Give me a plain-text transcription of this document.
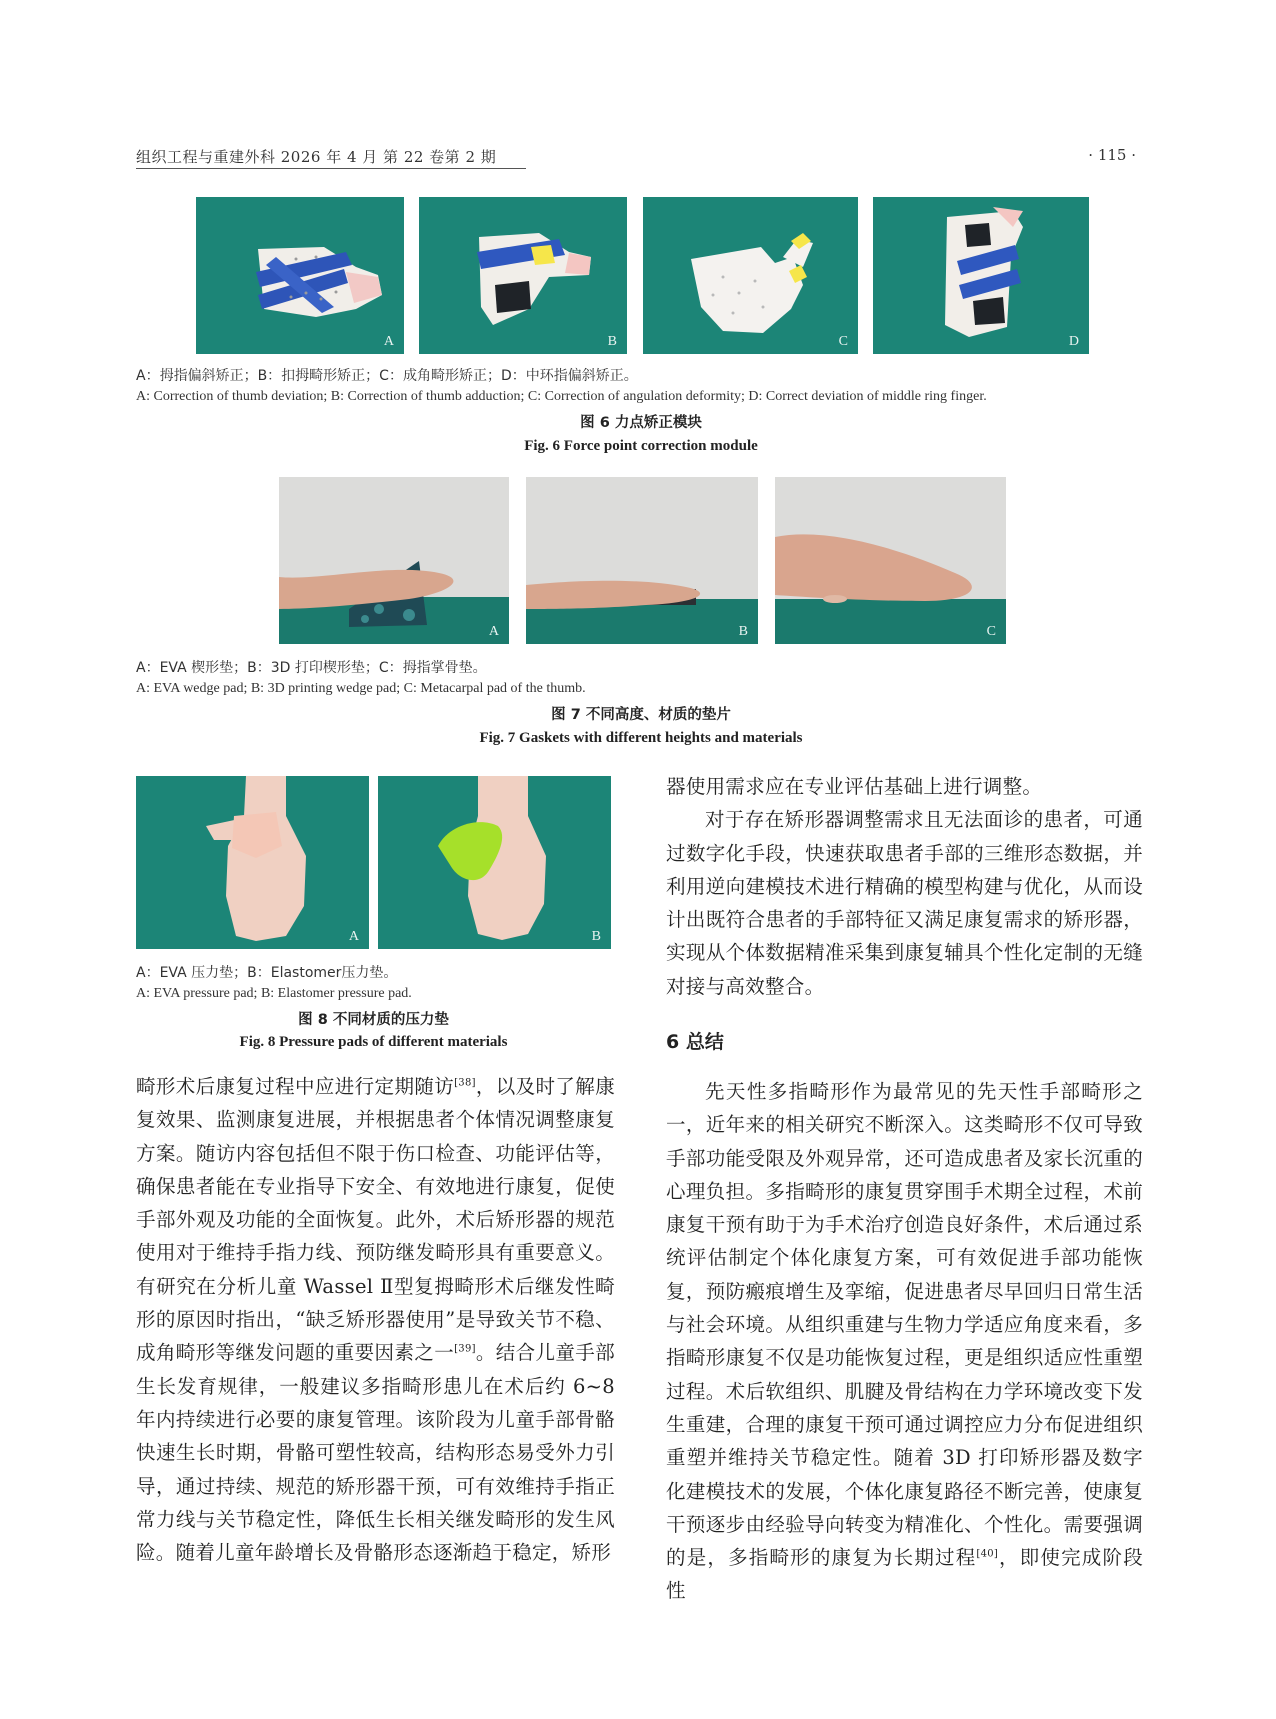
组织工程与重建外科 2026 年 4 月 第 22 卷第 2 期	· 115 ·
A	B	C	D
A：拇指偏斜矫正；B：扣拇畸形矫正；C：成角畸形矫正；D：中环指偏斜矫正。
A: Correction of thumb deviation; B: Correction of thumb adduction; C: Correction of angulation deformity; D: Correct deviation of middle ring finger.
图 6 力点矫正模块
Fig. 6 Force point correction module
A	B	C
A：EVA 楔形垫；B：3D 打印楔形垫；C：拇指掌骨垫。
A: EVA wedge pad; B: 3D printing wedge pad; C: Metacarpal pad of the thumb.
图 7 不同高度、材质的垫片
Fig. 7 Gaskets with different heights and materials
A	B
A：EVA 压力垫；B：Elastomer压力垫。
A: EVA pressure pad; B: Elastomer pressure pad.
图 8 不同材质的压力垫
Fig. 8 Pressure pads of different materials

畸形术后康复过程中应进行定期随访[38]，以及时了解康复效果、监测康复进展，并根据患者个体情况调整康复方案。随访内容包括但不限于伤口检查、功能评估等，确保患者能在专业指导下安全、有效地进行康复，促使手部外观及功能的全面恢复。此外，术后矫形器的规范使用对于维持手指力线、预防继发畸形具有重要意义。有研究在分析儿童 Wassel Ⅱ型复拇畸形术后继发性畸形的原因时指出，“缺乏矫形器使用”是导致关节不稳、成角畸形等继发问题的重要因素之一[39]。结合儿童手部生长发育规律，一般建议多指畸形患儿在术后约 6~8 年内持续进行必要的康复管理。该阶段为儿童手部骨骼快速生长时期，骨骼可塑性较高，结构形态易受外力引导，通过持续、规范的矫形器干预，可有效维持手指正常力线与关节稳定性，降低生长相关继发畸形的发生风险。随着儿童年龄增长及骨骼形态逐渐趋于稳定，矫形

器使用需求应在专业评估基础上进行调整。

对于存在矫形器调整需求且无法面诊的患者，可通过数字化手段，快速获取患者手部的三维形态数据，并利用逆向建模技术进行精确的模型构建与优化，从而设计出既符合患者的手部特征又满足康复需求的矫形器，实现从个体数据精准采集到康复辅具个性化定制的无缝对接与高效整合。

6 总结

先天性多指畸形作为最常见的先天性手部畸形之一，近年来的相关研究不断深入。这类畸形不仅可导致手部功能受限及外观异常，还可造成患者及家长沉重的心理负担。多指畸形的康复贯穿围手术期全过程，术前康复干预有助于为手术治疗创造良好条件，术后通过系统评估制定个体化康复方案，可有效促进手部功能恢复，预防瘢痕增生及挛缩，促进患者尽早回归日常生活与社会环境。从组织重建与生物力学适应角度来看，多指畸形康复不仅是功能恢复过程，更是组织适应性重塑过程。术后软组织、肌腱及骨结构在力学环境改变下发生重建，合理的康复干预可通过调控应力分布促进组织重塑并维持关节稳定性。随着 3D 打印矫形器及数字化建模技术的发展，个体化康复路径不断完善，使康复干预逐步由经验导向转变为精准化、个性化。需要强调的是，多指畸形的康复为长期过程[40]，即使完成阶段性
